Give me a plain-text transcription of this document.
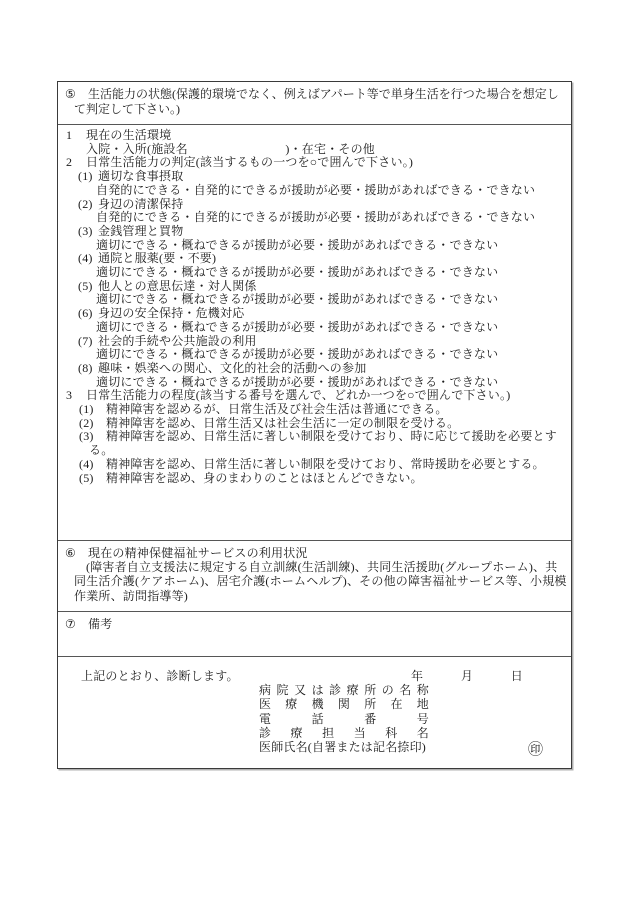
⑤ 生活能力の状態(保護的環境でなく、例えばアパート等で単身生活を行つた場合を想定して判定して下さい。)

1 現在の生活環境
入院・入所(施設名　　　　　　　　)・在宅・その他
2 日常生活能力の判定(該当するもの一つを○で囲んで下さい。)
(1) 適切な食事摂取
自発的にできる・自発的にできるが援助が必要・援助があればできる・できない
(2) 身辺の清潔保持
自発的にできる・自発的にできるが援助が必要・援助があればできる・できない
(3) 金銭管理と買物
適切にできる・概ねできるが援助が必要・援助があればできる・できない
(4) 通院と服薬(要・不要)
適切にできる・概ねできるが援助が必要・援助があればできる・できない
(5) 他人との意思伝達・対人関係
適切にできる・概ねできるが援助が必要・援助があればできる・できない
(6) 身辺の安全保持・危機対応
適切にできる・概ねできるが援助が必要・援助があればできる・できない
(7) 社会的手続や公共施設の利用
適切にできる・概ねできるが援助が必要・援助があればできる・できない
(8) 趣味・娯楽への関心、文化的社会的活動への参加
適切にできる・概ねできるが援助が必要・援助があればできる・できない
3 日常生活能力の程度(該当する番号を選んで、どれか一つを○で囲んで下さい。)

(1) 精神障害を認めるが、日常生活及び社会生活は普通にできる。

(2) 精神障害を認め、日常生活又は社会生活に一定の制限を受ける。

(3) 精神障害を認め、日常生活に著しい制限を受けており、時に応じて援助を必要とする。

(4) 精神障害を認め、日常生活に著しい制限を受けており、常時援助を必要とする。

(5) 精神障害を認め、身のまわりのことはほとんどできない。

⑥ 現在の精神保健福祉サービスの利用状況

(障害者自立支援法に規定する自立訓練(生活訓練)、共同生活援助(グループホーム)、共同生活介護(ケアホーム)、居宅介護(ホームヘルプ)、その他の障害福祉サービス等、小規模作業所、訪問指導等)

⑦ 備考

上記のとおり、診断します。	年	月	日
病院又は診療所の名称
医療機関所在地
電話番号
診療担当科名
医師氏名(自署または記名捺印)	㊞
